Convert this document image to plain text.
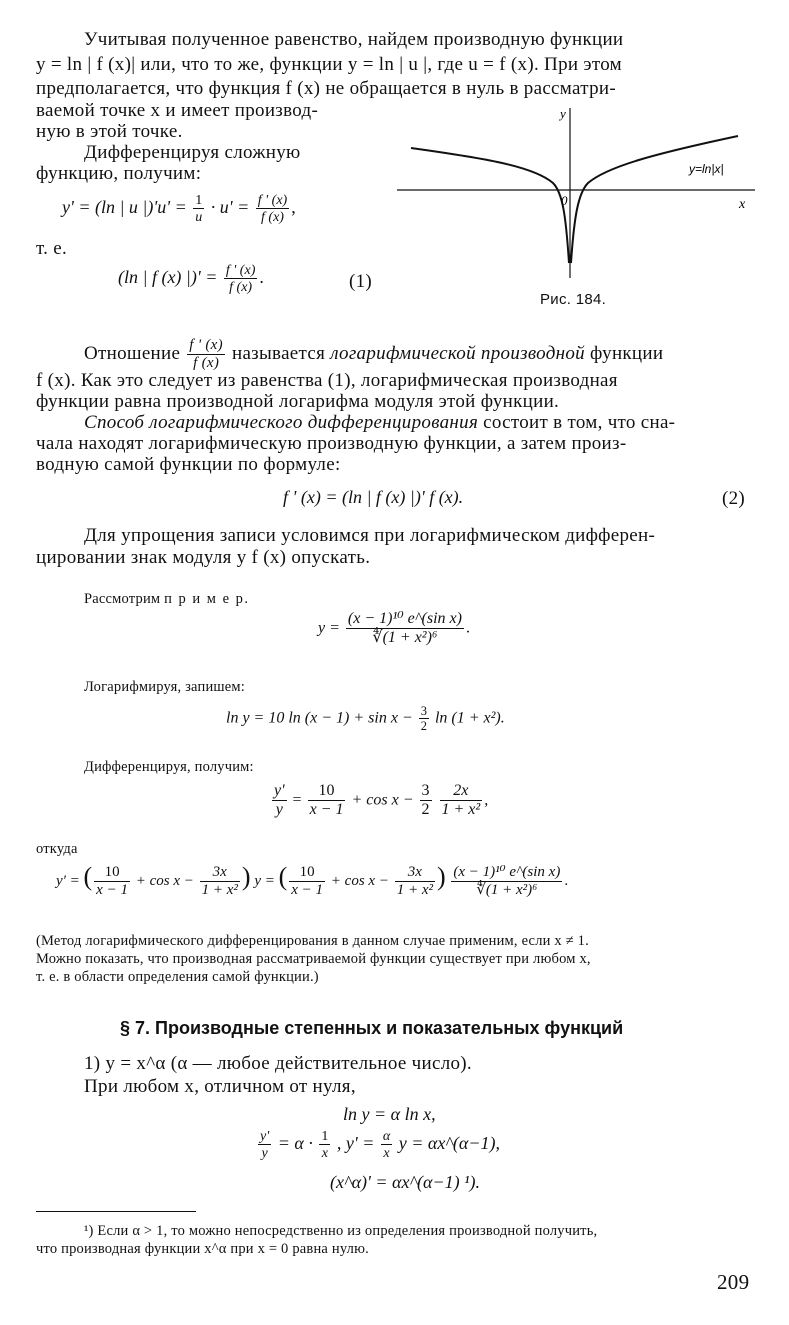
Учитывая полученное равенство, найдем производную функции
y = ln | f (x)| или, что то же, функции y = ln | u |, где u = f (x). При этом
предполагается, что функция f (x) не обращается в нуль в рассматри-
ваемой точке x и имеет производ-
ную в этой точке.
Дифференцируя сложную
функцию, получим:
y' = (ln | u $|)'u' = \frac{1}{u} \cdot u' = \frac{f ' (x)}{f (x)}$ ,
т. е.
(ln | f (x) |)' = $\frac{f ' (x)}{f (x)}$ .	(1)
y
x
0
y=ln|x|
Рис. 184.
Отношение $\frac{f ' (x)}{f (x)}$ называется логарифмической производной функции
f (x). Как это следует из равенства (1), логарифмическая производная
функции равна производной логарифма модуля этой функции.
Способ логарифмического дифференцирования состоит в том, что сна-
чала находят логарифмическую производную функции, а затем произ-
водную самой функции по формуле:
f ' (x) = (ln | f (x) |)' f (x).	(2)
Для упрощения записи условимся при логарифмическом дифферен-
цировании знак модуля у f (x) опускать.
Рассмотрим п р и м е р.
$y = \frac{\text{(x − 1)¹⁰ e\textasciicircum{}(sin x)}}{\text{∜(1 + x²)⁶}}$ .
Логарифмируя, запишем:
ln y = 10 $\ln (x - 1) + \sin x - \frac{3}{2}$ ln (1 + x²).
Дифференцируя, получим:
$\frac{y'}{y} = \frac{10}{x - 1} + \cos x - \frac{3}{2}$
$\frac{2x}{\text{1 + x²}}$ ,
откуда
y' = ( $\frac{10}{x - 1} + \cos x - \frac{3x}{\text{1 + x²}}$ ) y = ( $\frac{10}{x - 1} + \cos x - \frac{3x}{\text{1 + x²}}$ ) $\frac{\text{(x − 1)¹⁰ e\textasciicircum{}(sin x)}}{\text{∜(1 + x²)⁶}}$ .
(Метод логарифмического дифференцирования в данном случае применим, если x ≠ 1.
Можно показать, что производная рассматриваемой функции существует при любом x,
т. е. в области определения самой функции.)
§ 7. Производные степенных и показательных функций
1) y = x^α (α — любое действительное число).
При любом x, отличном от нуля,
ln y = α ln x,
$\frac{y'}{y} = \alpha \cdot \frac{1}{x}$ , $y' = \frac{\alpha}{x}$ y = αx^(α−1),
(x^α)' = αx^(α−1) ¹).
¹) Если α > 1, то можно непосредственно из определения производной получить,
что производная функции x^α при x = 0 равна нулю.
209
